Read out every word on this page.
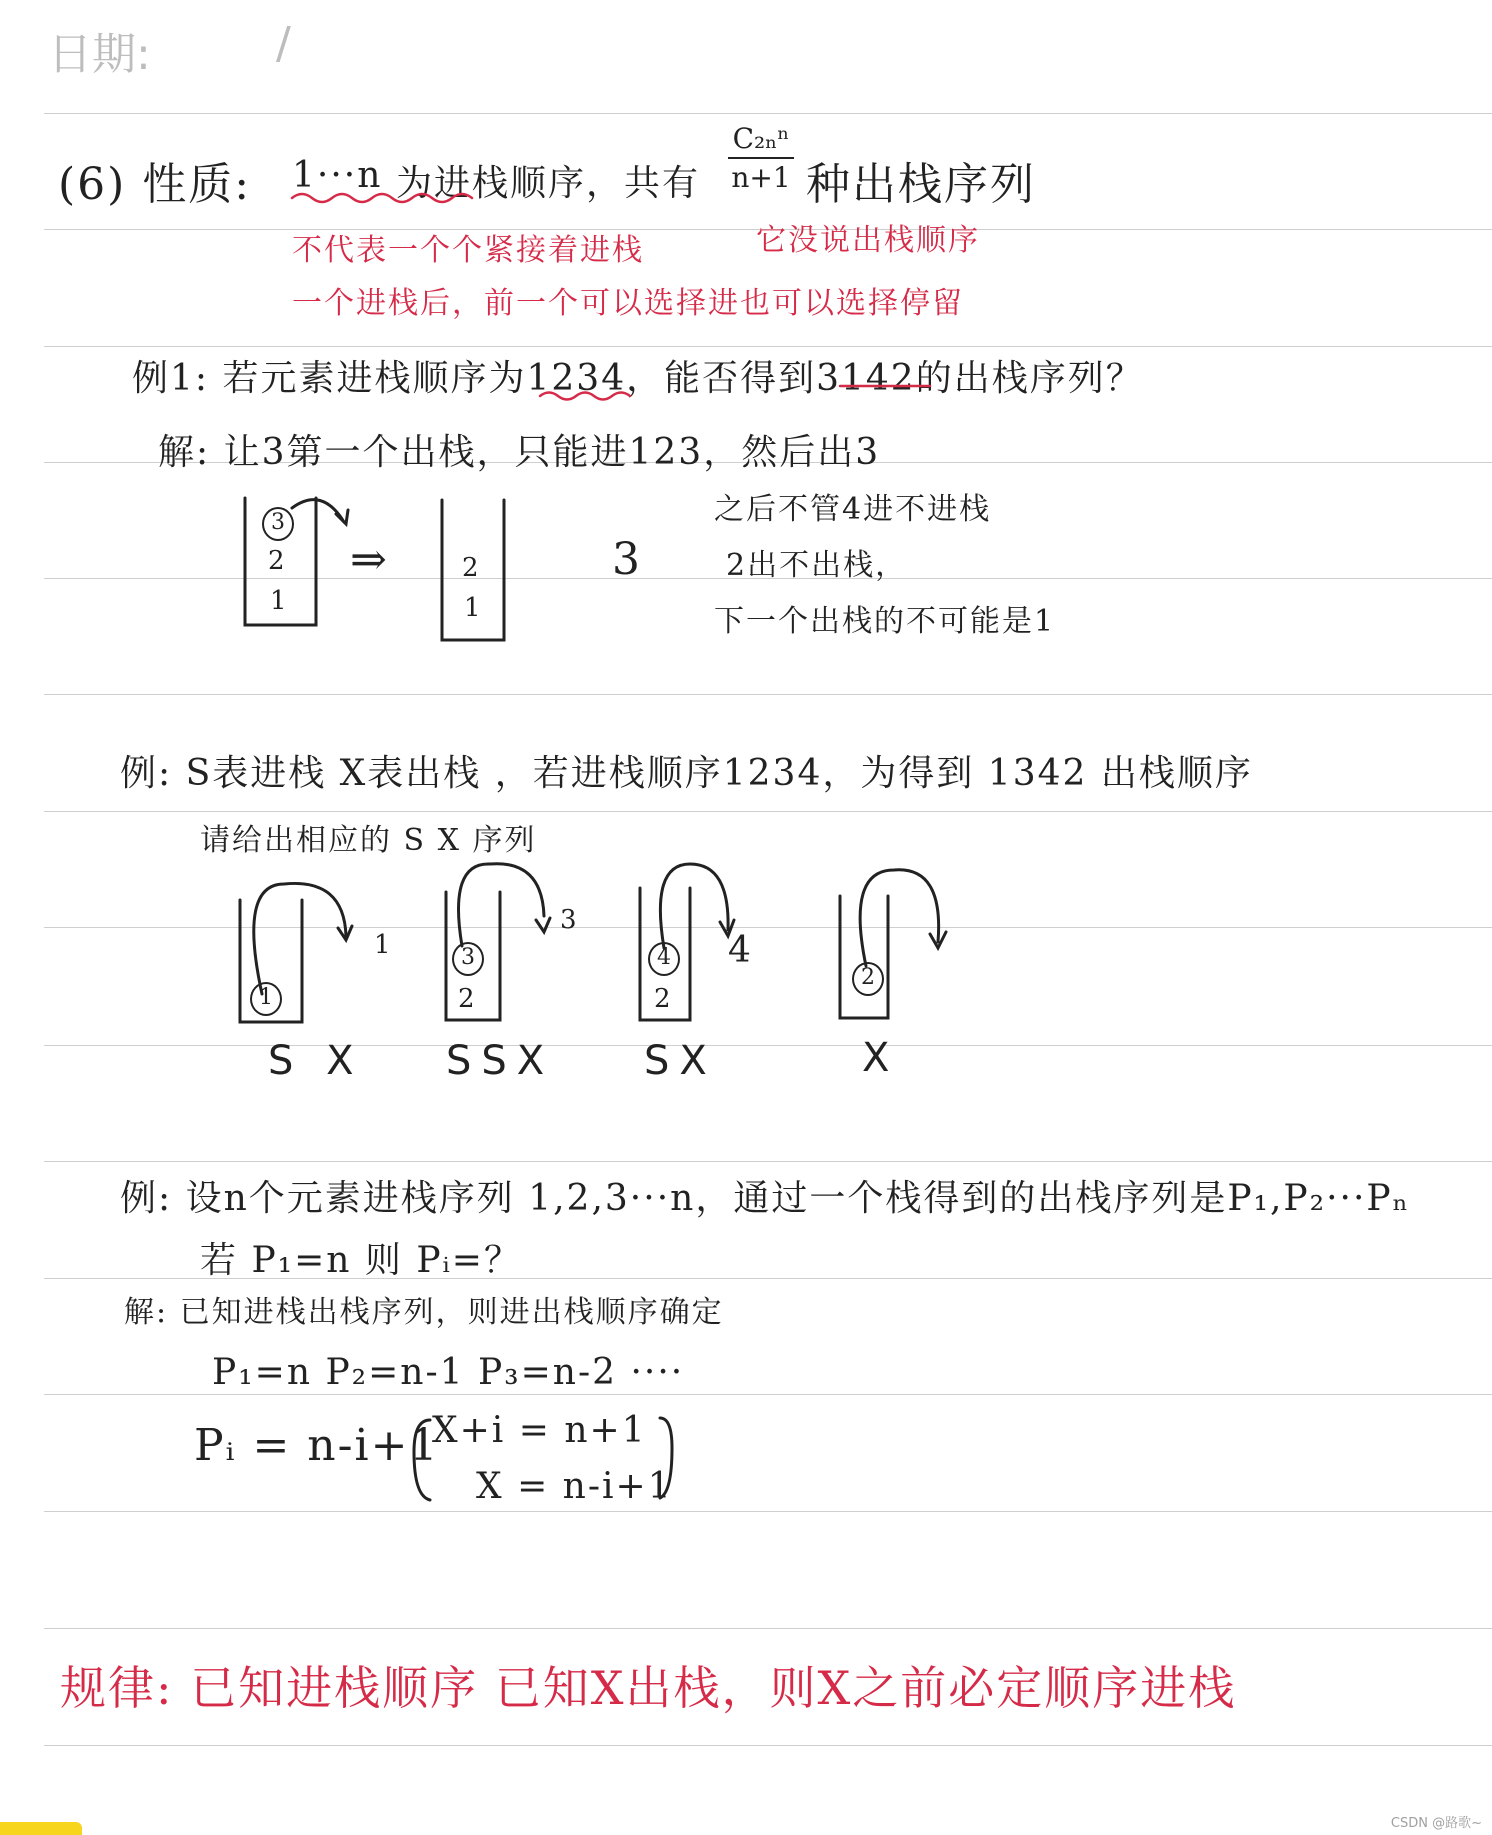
日期:	/
(6) 性质: 1···n 为进栈顺序，共有 $\frac{\text{C₂ₙⁿ}}{n+1}$ 种出栈序列
不代表一个个紧接着进栈	它没说出栈顺序
一个进栈后，前一个可以选择进也可以选择停留
例1: 若元素进栈顺序为1234，能否得到3142的出栈序列？
解: 让3第一个出栈，只能进123，然后出3
3
2
1
⇒	2
1
3
之后不管4进不进栈
2出不出栈，
下一个出栈的不可能是1
例: S表进栈 X表出栈 ，若进栈顺序1234，为得到 1342 出栈顺序
请给出相应的 S X 序列
1
1
S X
3
2
3
SSX
4
2
4
SX
2
X
例: 设n个元素进栈序列 1,2,3···n，通过一个栈得到的出栈序列是P₁,P₂···Pₙ
若 P₁=n 则 Pᵢ=？
解: 已知进栈出栈序列，则进出栈顺序确定
P₁=n P₂=n-1 P₃=n-2 ····
Pᵢ = n-i+1
X+i = n+1
X = n-i+1
规律: 已知进栈顺序 已知X出栈，则X之前必定顺序进栈
CSDN @路歌~
